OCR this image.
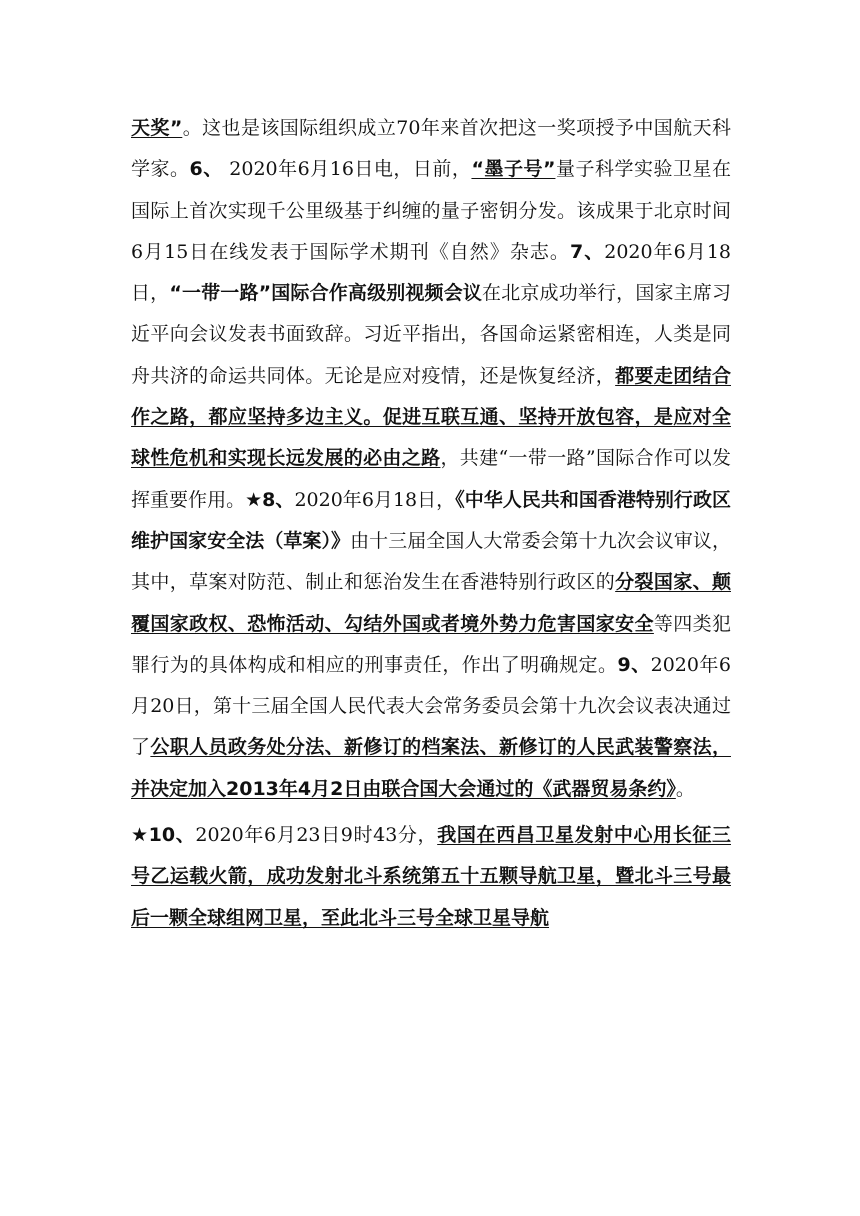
天奖”。这也是该国际组织成立70年来首次把这一奖项授予中国航天科学家。6、 2020年6月16日电，日前，“墨子号”量子科学实验卫星在国际上首次实现千公里级基于纠缠的量子密钥分发。该成果于北京时间6月15日在线发表于国际学术期刊《自然》杂志。7、2020年6月18日，“一带一路”国际合作高级别视频会议在北京成功举行，国家主席习近平向会议发表书面致辞。习近平指出，各国命运紧密相连，人类是同舟共济的命运共同体。无论是应对疫情，还是恢复经济，都要走团结合作之路，都应坚持多边主义。促进互联互通、坚持开放包容，是应对全球性危机和实现长远发展的必由之路，共建“一带一路”国际合作可以发挥重要作用。★8、2020年6月18日，《中华人民共和国香港特别行政区维护国家安全法（草案）》由十三届全国人大常委会第十九次会议审议，其中，草案对防范、制止和惩治发生在香港特别行政区的分裂国家、颠覆国家政权、恐怖活动、勾结外国或者境外势力危害国家安全等四类犯罪行为的具体构成和相应的刑事责任，作出了明确规定。9、2020年6月20日，第十三届全国人民代表大会常务委员会第十九次会议表决通过了公职人员政务处分法、新修订的档案法、新修订的人民武装警察法，并决定加入2013年4月2日由联合国大会通过的《武器贸易条约》。

★10、2020年6月23日9时43分，我国在西昌卫星发射中心用长征三号乙运载火箭，成功发射北斗系统第五十五颗导航卫星，暨北斗三号最后一颗全球组网卫星，至此北斗三号全球卫星导航
